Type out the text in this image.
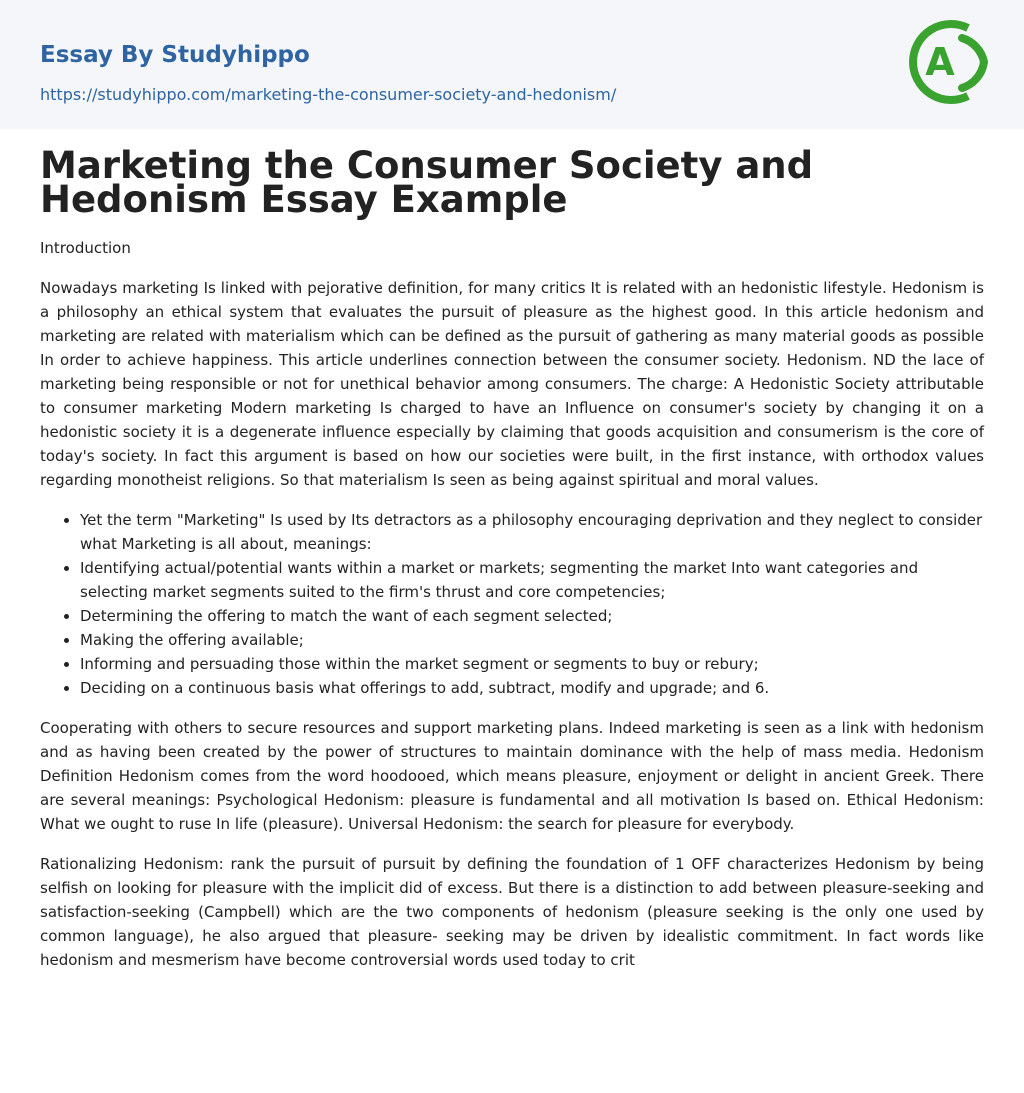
Essay By Studyhippo
https://studyhippo.com/marketing-the-consumer-society-and-hedonism/
A
Marketing the Consumer Society and Hedonism Essay Example

Introduction

Nowadays marketing Is linked with pejorative definition, for many critics It is related with an hedonistic lifestyle. Hedonism is a philosophy an ethical system that evaluates the pursuit of pleasure as the highest good. In this article hedonism and marketing are related with materialism which can be defined as the pursuit of gathering as many material goods as possible In order to achieve happiness. This article underlines connection between the consumer society. Hedonism. ND the lace of marketing being responsible or not for unethical behavior among consumers. The charge: A Hedonistic Society attributable to consumer marketing Modern marketing Is charged to have an Influence on consumer's society by changing it on a hedonistic society it is a degenerate influence especially by claiming that goods acquisition and consumerism is the core of today's society. In fact this argument is based on how our societies were built, in the first instance, with orthodox values regarding monotheist religions. So that materialism Is seen as being against spiritual and moral values.

• Yet the term "Marketing" Is used by Its detractors as a philosophy encouraging deprivation and they neglect to consider what Marketing is all about, meanings:
• Identifying actual/potential wants within a market or markets; segmenting the market Into want categories and selecting market segments suited to the firm's thrust and core competencies;
• Determining the offering to match the want of each segment selected;
• Making the offering available;
• Informing and persuading those within the market segment or segments to buy or rebury;
• Deciding on a continuous basis what offerings to add, subtract, modify and upgrade; and 6.

Cooperating with others to secure resources and support marketing plans. Indeed marketing is seen as a link with hedonism and as having been created by the power of structures to maintain dominance with the help of mass media. Hedonism Definition Hedonism comes from the word hoodooed, which means pleasure, enjoyment or delight in ancient Greek. There are several meanings: Psychological Hedonism: pleasure is fundamental and all motivation Is based on. Ethical Hedonism: What we ought to ruse In life (pleasure). Universal Hedonism: the search for pleasure for everybody.

Rationalizing Hedonism: rank the pursuit of pursuit by defining the foundation of 1 OFF characterizes Hedonism by being selfish on looking for pleasure with the implicit did of excess. But there is a distinction to add between pleasure-seeking and satisfaction-seeking (Campbell) which are the two components of hedonism (pleasure seeking is the only one used by common language), he also argued that pleasure- seeking may be driven by idealistic commitment. In fact words like hedonism and mesmerism have become controversial words used today to crit
